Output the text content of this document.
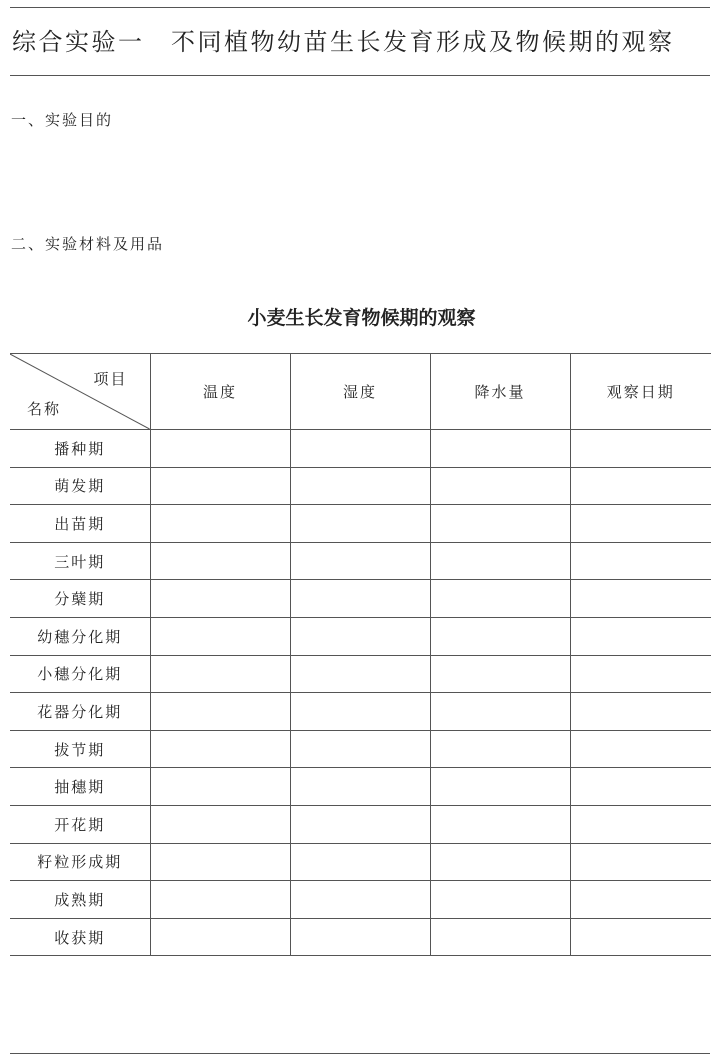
综合实验一　不同植物幼苗生长发育形成及物候期的观察
一、实验目的
二、实验材料及用品
小麦生长发育物候期的观察
项目
名称	温度	湿度	降水量	观察日期
播种期				
萌发期				
出苗期				
三叶期				
分蘖期				
幼穗分化期				
小穗分化期				
花器分化期				
拔节期				
抽穗期				
开花期				
籽粒形成期				
成熟期				
收获期				
